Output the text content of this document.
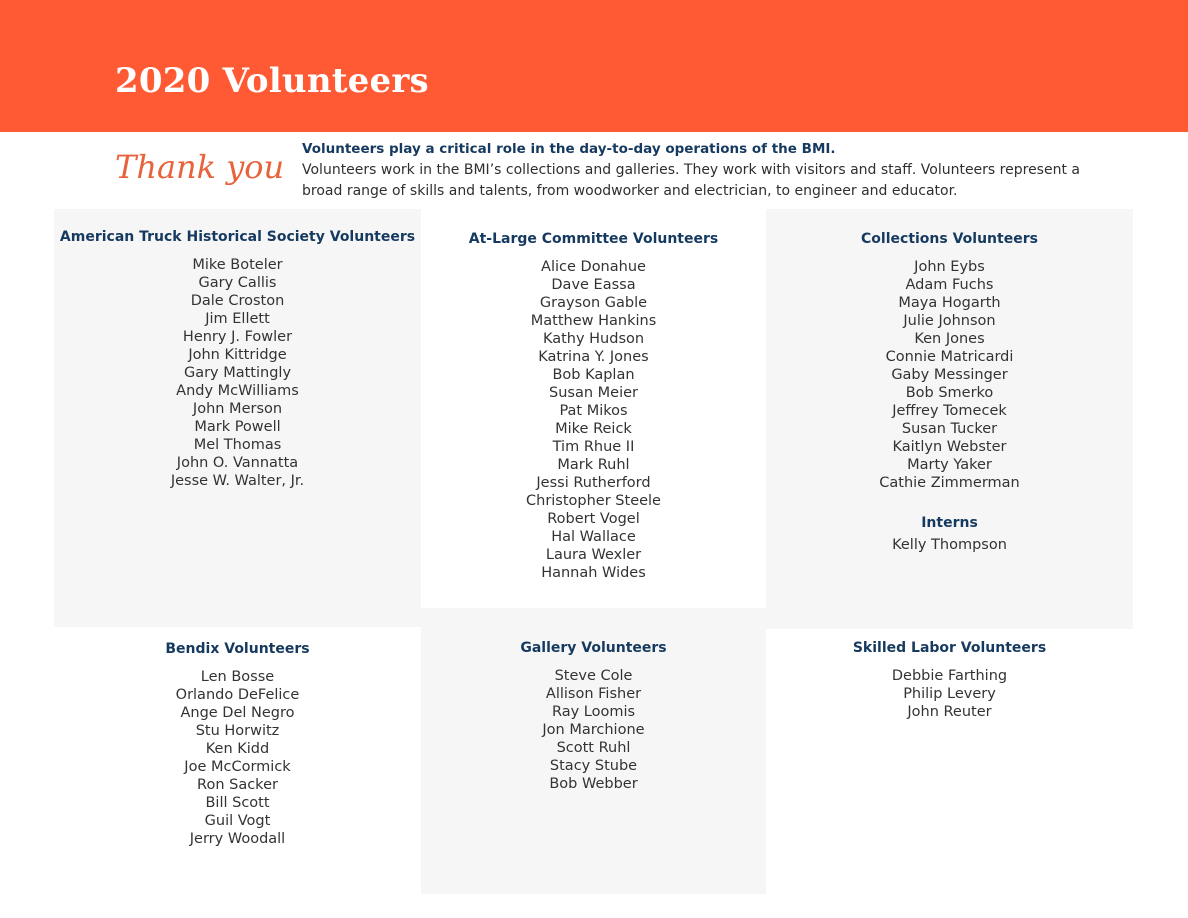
2020 Volunteers
Thank you Volunteers play a critical role in the day-to-day operations of the BMI.
Volunteers work in the BMI’s collections and galleries. They work with visitors and staff. Volunteers represent a broad range of skills and talents, from woodworker and electrician, to engineer and educator.
American Truck Historical Society Volunteers
Mike Boteler
Gary Callis
Dale Croston
Jim Ellett
Henry J. Fowler
John Kittridge
Gary Mattingly
Andy McWilliams
John Merson
Mark Powell
Mel Thomas
John O. Vannatta
Jesse W. Walter, Jr.
At-Large Committee Volunteers
Alice Donahue
Dave Eassa
Grayson Gable
Matthew Hankins
Kathy Hudson
Katrina Y. Jones
Bob Kaplan
Susan Meier
Pat Mikos
Mike Reick
Tim Rhue II
Mark Ruhl
Jessi Rutherford
Christopher Steele
Robert Vogel
Hal Wallace
Laura Wexler
Hannah Wides
Collections Volunteers
John Eybs
Adam Fuchs
Maya Hogarth
Julie Johnson
Ken Jones
Connie Matricardi
Gaby Messinger
Bob Smerko
Jeffrey Tomecek
Susan Tucker
Kaitlyn Webster
Marty Yaker
Cathie Zimmerman
Interns
Kelly Thompson
Bendix Volunteers
Len Bosse
Orlando DeFelice
Ange Del Negro
Stu Horwitz
Ken Kidd
Joe McCormick
Ron Sacker
Bill Scott
Guil Vogt
Jerry Woodall
Gallery Volunteers
Steve Cole
Allison Fisher
Ray Loomis
Jon Marchione
Scott Ruhl
Stacy Stube
Bob Webber
Skilled Labor Volunteers
Debbie Farthing
Philip Levery
John Reuter
